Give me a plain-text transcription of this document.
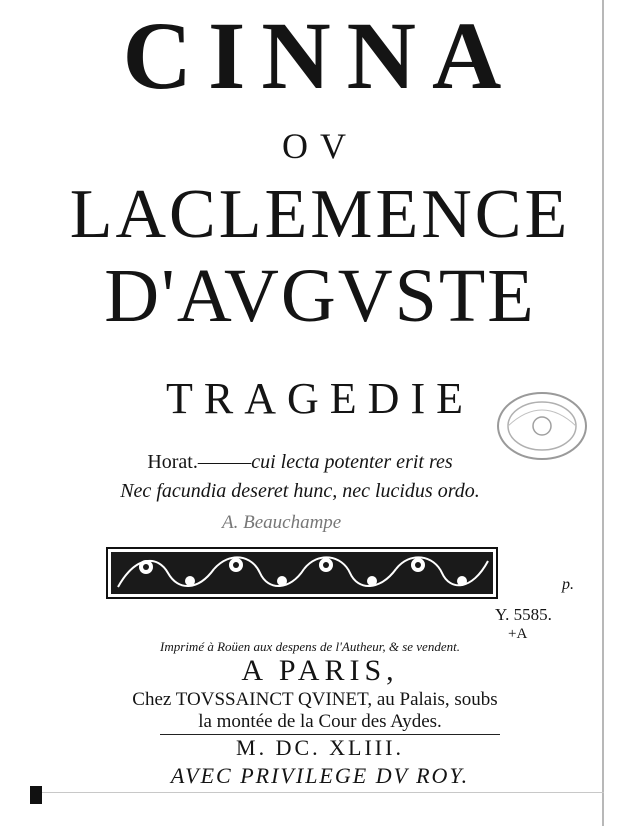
CINNA
OV
LACLEMENCE
D'AVGVSTE
TRAGEDIE
Horat.———cui lecta potenter erit res
Nec facundia deseret hunc, nec lucidus ordo.
A. Beauchampe
p.
Y. 5585.
+A
Imprimé à Roüen aux despens de l'Autheur, & se vendent.
A PARIS,
Chez TOVSSAINCT QVINET, au Palais, soubs
la montée de la Cour des Aydes.
M. DC. XLIII.
AVEC PRIVILEGE DV ROY.
